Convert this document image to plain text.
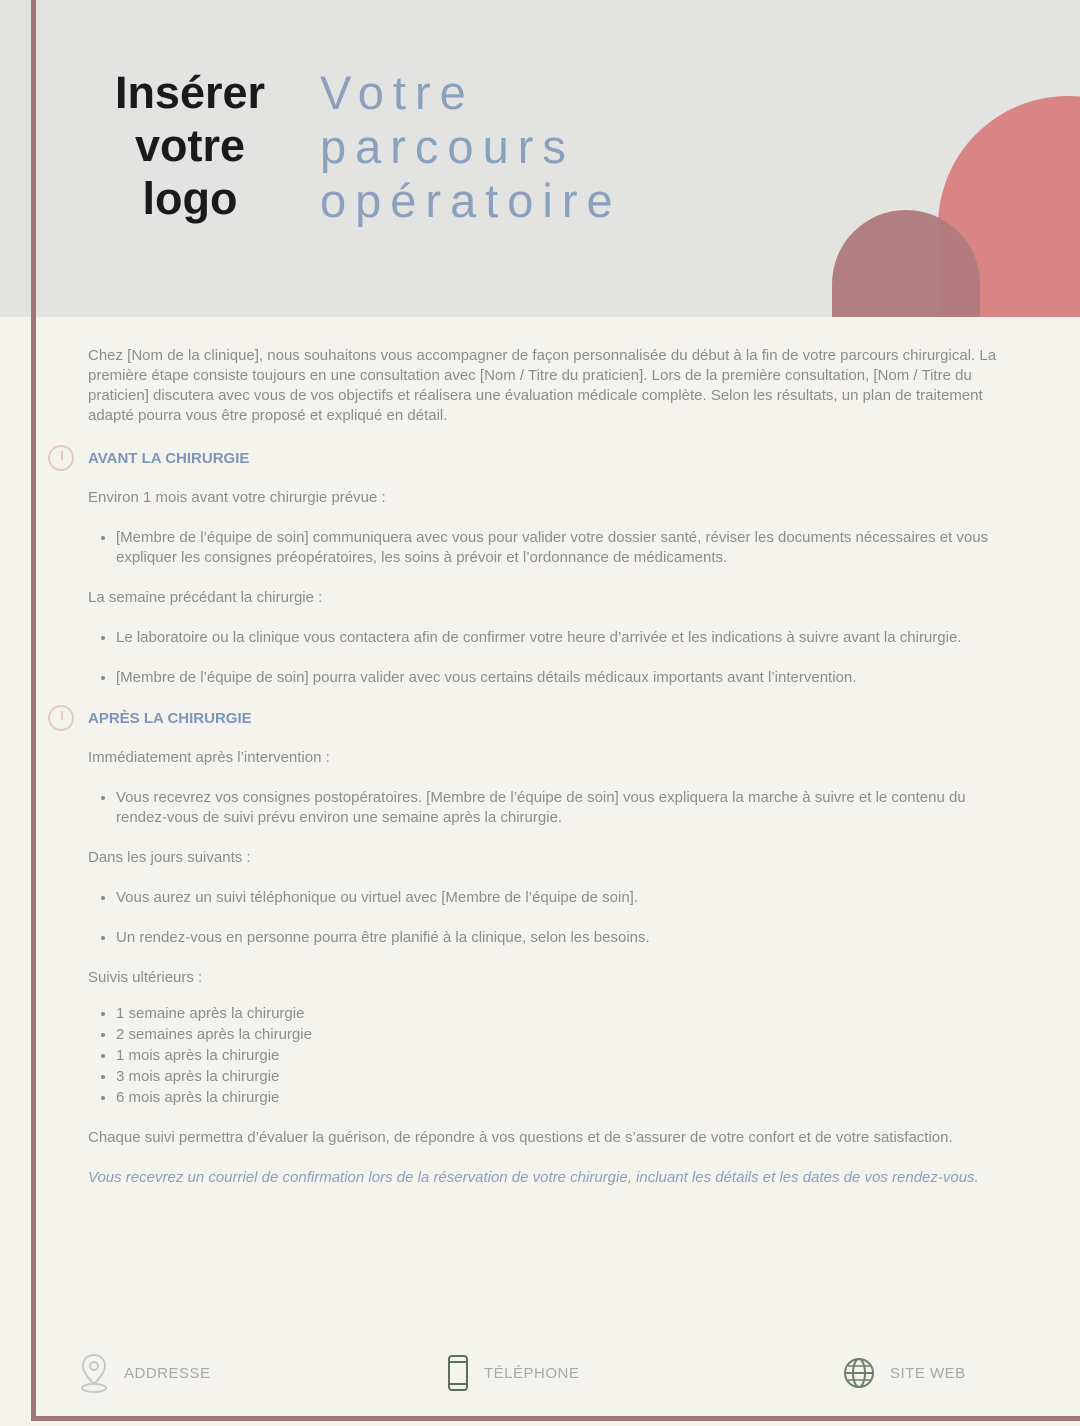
Insérer
votre
logo
Votre
parcours
opératoire

Chez [Nom de la clinique], nous souhaitons vous accompagner de façon personnalisée du début à la fin de votre parcours chirurgical. La première étape consiste toujours en une consultation avec [Nom / Titre du praticien]. Lors de la première consultation, [Nom / Titre du praticien] discutera avec vous de vos objectifs et réalisera une évaluation médicale complète. Selon les résultats, un plan de traitement adapté pourra vous être proposé et expliqué en détail.

AVANT LA CHIRURGIE

Environ 1 mois avant votre chirurgie prévue :

• [Membre de l’équipe de soin] communiquera avec vous pour valider votre dossier santé, réviser les documents nécessaires et vous expliquer les consignes préopératoires, les soins à prévoir et l’ordonnance de médicaments.

La semaine précédant la chirurgie :

• Le laboratoire ou la clinique vous contactera afin de confirmer votre heure d’arrivée et les indications à suivre avant la chirurgie.
• [Membre de l’équipe de soin] pourra valider avec vous certains détails médicaux importants avant l’intervention.
APRÈS LA CHIRURGIE

Immédiatement après l’intervention :

• Vous recevrez vos consignes postopératoires. [Membre de l’équipe de soin] vous expliquera la marche à suivre et le contenu du rendez-vous de suivi prévu environ une semaine après la chirurgie.

Dans les jours suivants :

• Vous aurez un suivi téléphonique ou virtuel avec [Membre de l’équipe de soin].
• Un rendez-vous en personne pourra être planifié à la clinique, selon les besoins.

Suivis ultérieurs :

• 1 semaine après la chirurgie
• 2 semaines après la chirurgie
• 1 mois après la chirurgie
• 3 mois après la chirurgie
• 6 mois après la chirurgie

Chaque suivi permettra d’évaluer la guérison, de répondre à vos questions et de s’assurer de votre confort et de votre satisfaction.

Vous recevrez un courriel de confirmation lors de la réservation de votre chirurgie, incluant les détails et les dates de vos rendez-vous.

ADDRESSE	TÉLÉPHONE	SITE WEB
